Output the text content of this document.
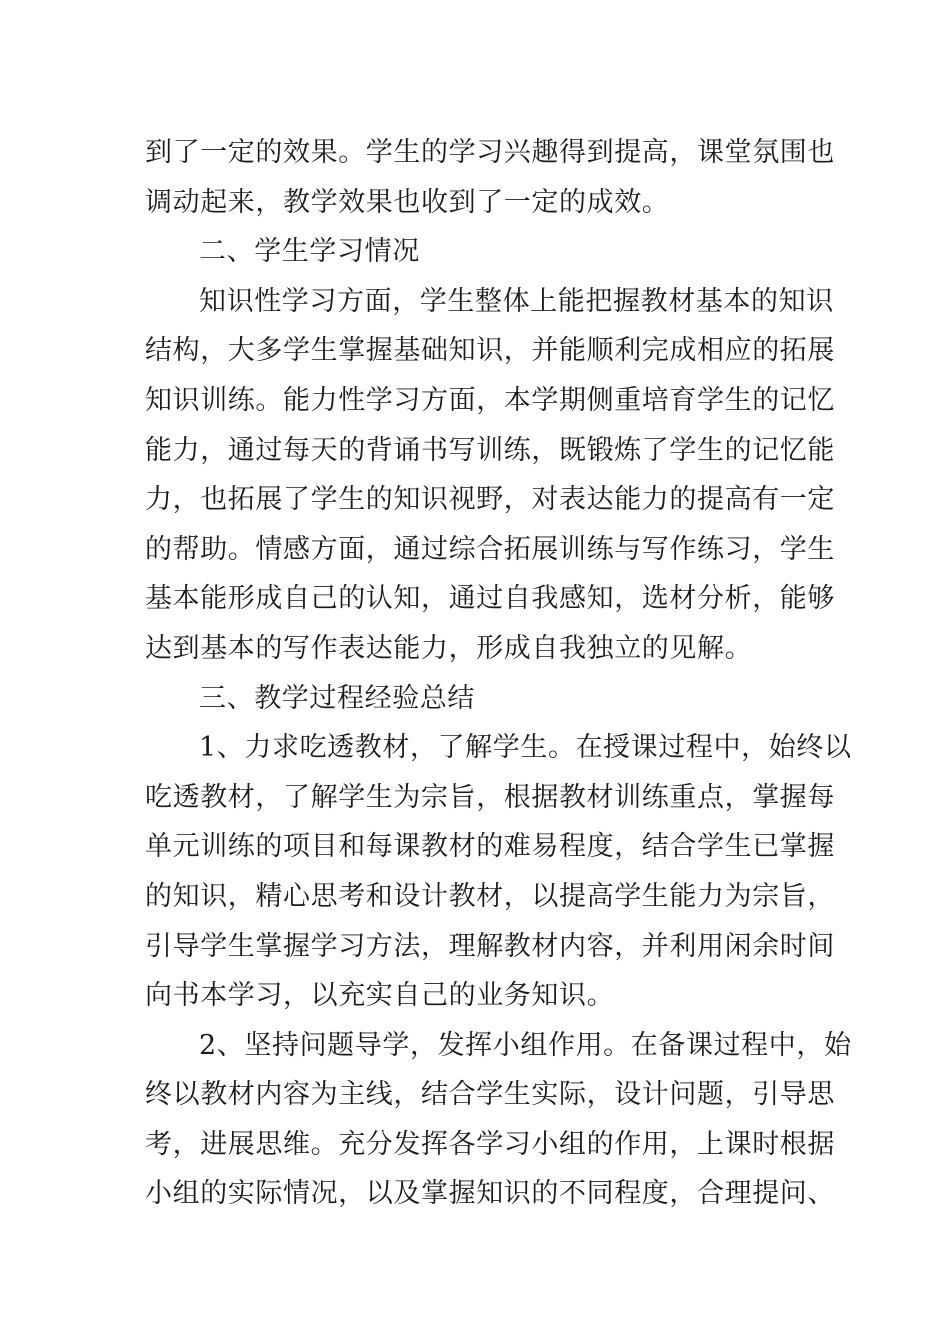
到了一定的效果。学生的学习兴趣得到提高，课堂氛围也
调动起来，教学效果也收到了一定的成效。
二、学生学习情况
知识性学习方面，学生整体上能把握教材基本的知识
结构，大多学生掌握基础知识，并能顺利完成相应的拓展
知识训练。能力性学习方面，本学期侧重培育学生的记忆
能力，通过每天的背诵书写训练，既锻炼了学生的记忆能
力，也拓展了学生的知识视野，对表达能力的提高有一定
的帮助。情感方面，通过综合拓展训练与写作练习，学生
基本能形成自己的认知，通过自我感知，选材分析，能够
达到基本的写作表达能力，形成自我独立的见解。
三、教学过程经验总结
1、力求吃透教材，了解学生。在授课过程中，始终以
吃透教材，了解学生为宗旨，根据教材训练重点，掌握每
单元训练的项目和每课教材的难易程度，结合学生已掌握
的知识，精心思考和设计教材，以提高学生能力为宗旨，
引导学生掌握学习方法，理解教材内容，并利用闲余时间
向书本学习，以充实自己的业务知识。
2、坚持问题导学，发挥小组作用。在备课过程中，始
终以教材内容为主线，结合学生实际，设计问题，引导思
考，进展思维。充分发挥各学习小组的作用，上课时根据
小组的实际情况，以及掌握知识的不同程度，合理提问、
